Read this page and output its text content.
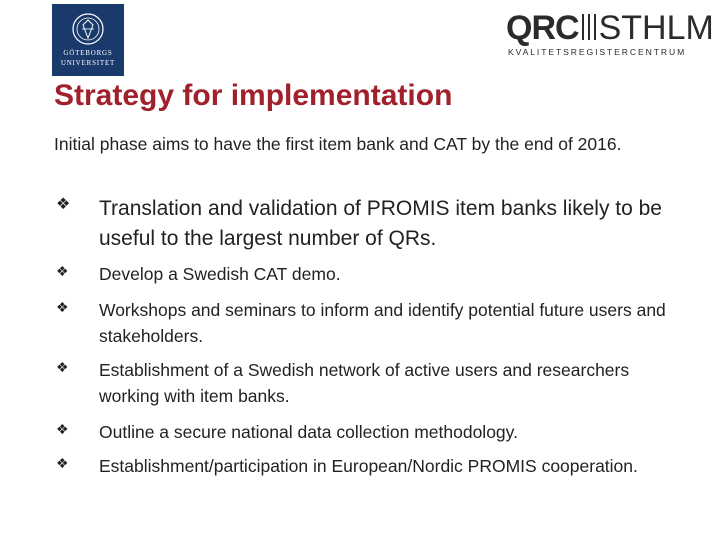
GÖTEBORGS
UNIVERSITET
QRC STHLM
KVALITETSREGISTERCENTRUM
Strategy for implementation

Initial phase aims to have the first item bank and CAT by the end of 2016.

❖ Translation and validation of PROMIS item banks likely to be useful to the largest number of QRs.
❖ Develop a Swedish CAT demo.
❖ Workshops and seminars to inform and identify potential future users and stakeholders.
❖ Establishment of a Swedish network of active users and researchers working with item banks.
❖ Outline a secure national data collection methodology.
❖ Establishment/participation in European/Nordic PROMIS cooperation.
